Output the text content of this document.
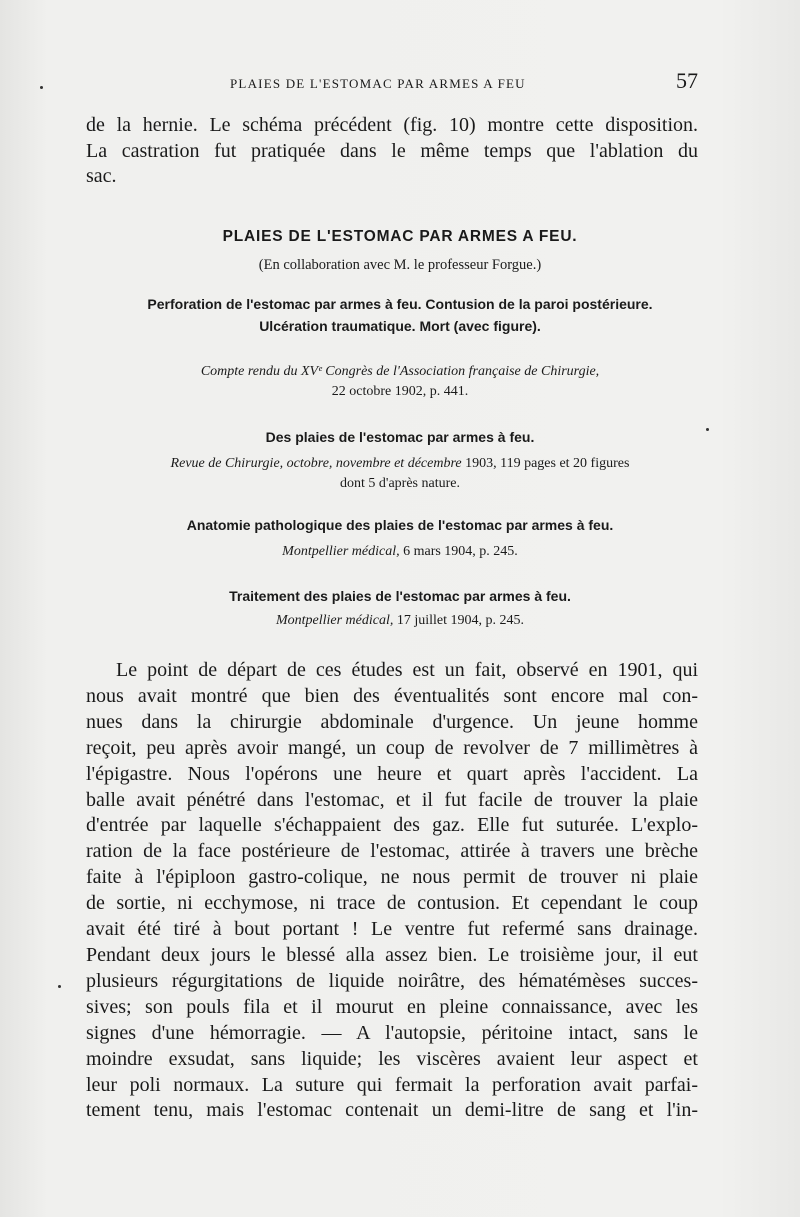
PLAIES DE L'ESTOMAC PAR ARMES A FEU	57
de la hernie. Le schéma précédent (fig. 10) montre cette disposition.
La castration fut pratiquée dans le même temps que l'ablation du
sac.
PLAIES DE L'ESTOMAC PAR ARMES A FEU.
(En collaboration avec M. le professeur Forgue.)
Perforation de l'estomac par armes à feu. Contusion de la paroi postérieure.
Ulcération traumatique. Mort (avec figure).
Compte rendu du XVᵉ Congrès de l'Association française de Chirurgie,
22 octobre 1902, p. 441.
Des plaies de l'estomac par armes à feu.
Revue de Chirurgie, octobre, novembre et décembre 1903, 119 pages et 20 figures
dont 5 d'après nature.
Anatomie pathologique des plaies de l'estomac par armes à feu.
Montpellier médical, 6 mars 1904, p. 245.
Traitement des plaies de l'estomac par armes à feu.
Montpellier médical, 17 juillet 1904, p. 245.
Le point de départ de ces études est un fait, observé en 1901, qui
nous avait montré que bien des éventualités sont encore mal con-
nues dans la chirurgie abdominale d'urgence. Un jeune homme
reçoit, peu après avoir mangé, un coup de revolver de 7 millimètres à
l'épigastre. Nous l'opérons une heure et quart après l'accident. La
balle avait pénétré dans l'estomac, et il fut facile de trouver la plaie
d'entrée par laquelle s'échappaient des gaz. Elle fut suturée. L'explo-
ration de la face postérieure de l'estomac, attirée à travers une brèche
faite à l'épiploon gastro-colique, ne nous permit de trouver ni plaie
de sortie, ni ecchymose, ni trace de contusion. Et cependant le coup
avait été tiré à bout portant ! Le ventre fut refermé sans drainage.
Pendant deux jours le blessé alla assez bien. Le troisième jour, il eut
plusieurs régurgitations de liquide noirâtre, des hématémèses succes-
sives; son pouls fila et il mourut en pleine connaissance, avec les
signes d'une hémorragie. — A l'autopsie, péritoine intact, sans le
moindre exsudat, sans liquide; les viscères avaient leur aspect et
leur poli normaux. La suture qui fermait la perforation avait parfai-
tement tenu, mais l'estomac contenait un demi-litre de sang et l'in-
